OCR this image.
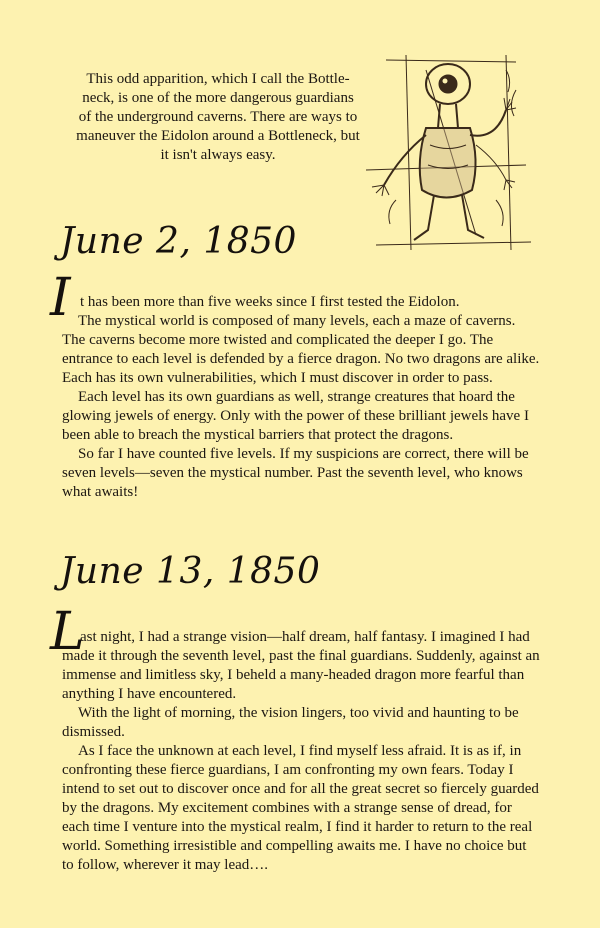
This odd apparition, which I call the Bottle-

neck, is one of the more dangerous guardians

of the underground caverns. There are ways to

maneuver the Eidolon around a Bottleneck, but

it isn't always easy.

June 2, 1850
I t has been more than five weeks since I first tested the Eidolon.

The mystical world is composed of many levels, each a maze of caverns. The caverns become more twisted and complicated the deeper I go. The entrance to each level is defended by a fierce dragon. No two dragons are alike. Each has its own vulnerabilities, which I must discover in order to pass.

Each level has its own guardians as well, strange creatures that hoard the glowing jewels of energy. Only with the power of these brilliant jewels have I been able to breach the mystical barriers that protect the dragons.

So far I have counted five levels. If my suspicions are correct, there will be seven levels—seven the mystical number. Past the seventh level, who knows what awaits!

June 13, 1850
L

ast night, I had a strange vision—half dream, half fantasy. I imagined I had made it through the seventh level, past the final guardians. Suddenly, against an immense and limitless sky, I beheld a many-headed dragon more fearful than anything I have encountered.

With the light of morning, the vision lingers, too vivid and haunting to be dismissed.

As I face the unknown at each level, I find myself less afraid. It is as if, in confronting these fierce guardians, I am confronting my own fears. Today I intend to set out to discover once and for all the great secret so fiercely guarded by the dragons. My excitement combines with a strange sense of dread, for each time I venture into the mystical realm, I find it harder to return to the real world. Something irresistible and compelling awaits me. I have no choice but to follow, wherever it may lead….
